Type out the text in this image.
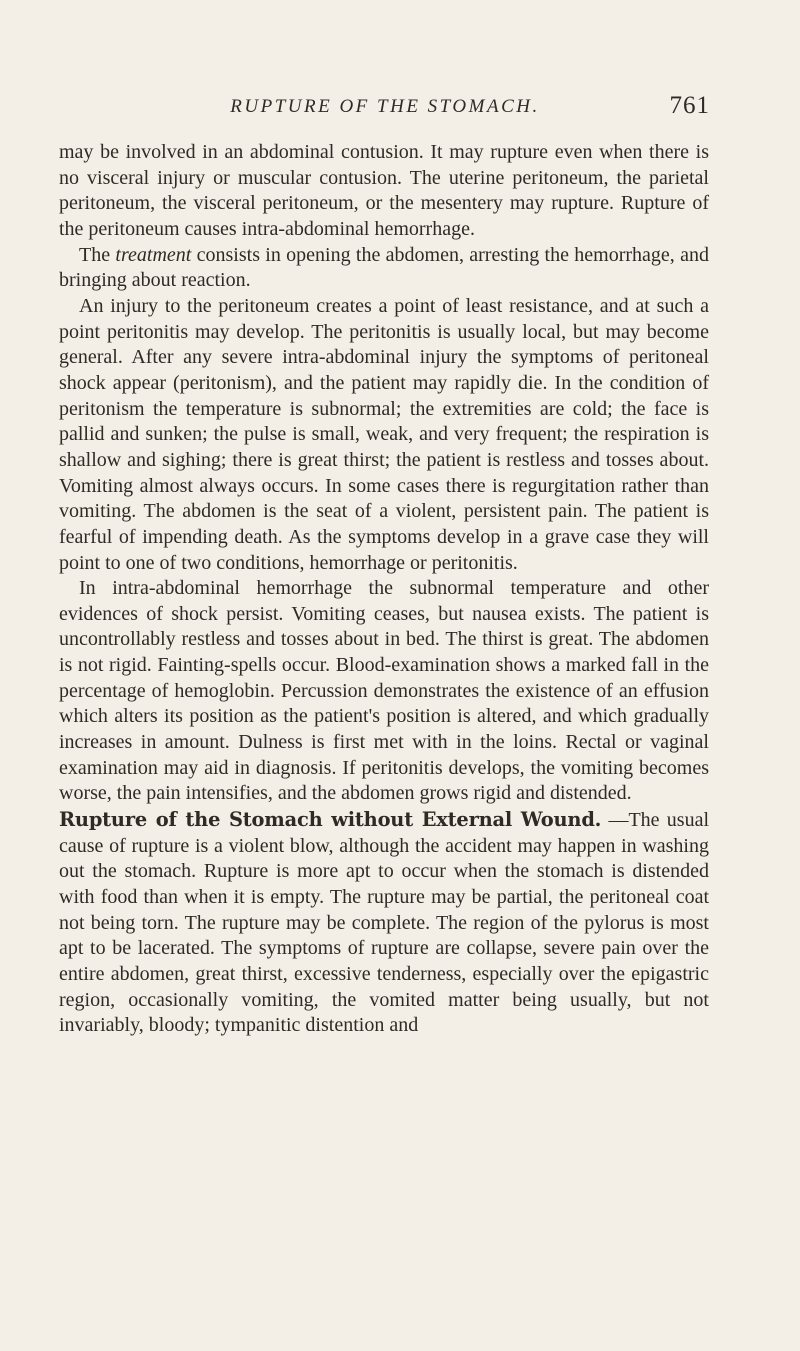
RUPTURE OF THE STOMACH.	761

may be involved in an abdominal contusion. It may rupture even when there is no visceral injury or muscular contusion. The uterine peritoneum, the parietal peritoneum, the visceral peritoneum, or the mesentery may rupture. Rupture of the peritoneum causes intra-abdominal hemorrhage.

The treatment consists in opening the abdomen, arresting the hemorrhage, and bringing about reaction.

An injury to the peritoneum creates a point of least resistance, and at such a point peritonitis may develop. The peritonitis is usually local, but may become general. After any severe intra-abdominal injury the symptoms of peritoneal shock appear (peritonism), and the patient may rapidly die. In the condition of peritonism the temperature is subnormal; the extremities are cold; the face is pallid and sunken; the pulse is small, weak, and very frequent; the respiration is shallow and sighing; there is great thirst; the patient is restless and tosses about. Vomiting almost always occurs. In some cases there is regurgitation rather than vomiting. The abdomen is the seat of a violent, persistent pain. The patient is fearful of impending death. As the symptoms develop in a grave case they will point to one of two conditions, hemorrhage or peritonitis.

In intra-abdominal hemorrhage the subnormal temperature and other evidences of shock persist. Vomiting ceases, but nausea exists. The patient is uncontrollably restless and tosses about in bed. The thirst is great. The abdomen is not rigid. Fainting-spells occur. Blood-examination shows a marked fall in the percentage of hemoglobin. Percussion demonstrates the existence of an effusion which alters its position as the patient's position is altered, and which gradually increases in amount. Dulness is first met with in the loins. Rectal or vaginal examination may aid in diagnosis. If peritonitis develops, the vomiting becomes worse, the pain intensifies, and the abdomen grows rigid and distended.

Rupture of the Stomach without External Wound. —The usual cause of rupture is a violent blow, although the accident may happen in washing out the stomach. Rupture is more apt to occur when the stomach is distended with food than when it is empty. The rupture may be partial, the peritoneal coat not being torn. The rupture may be complete. The region of the pylorus is most apt to be lacerated. The symptoms of rupture are collapse, severe pain over the entire abdomen, great thirst, excessive tenderness, especially over the epigastric region, occasionally vomiting, the vomited matter being usually, but not invariably, bloody; tympanitic distention and
